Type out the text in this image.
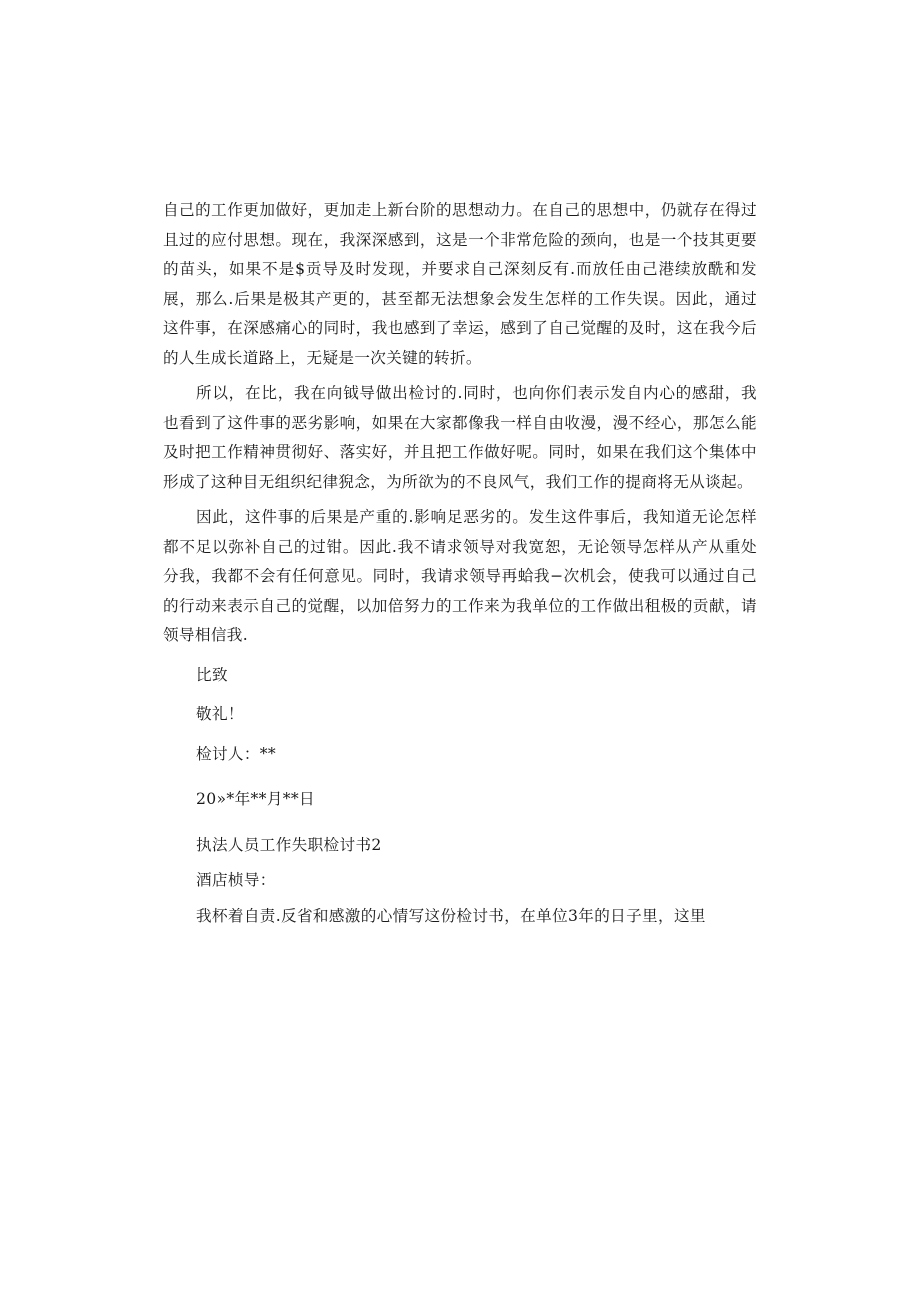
自己的工作更加做好，更加走上新台阶的思想动力。在自己的思想中，仍就存在得过且过的应付思想。现在，我深深感到，这是一个非常危险的颈向，也是一个技其更要的苗头，如果不是$贡导及时发现，并要求自己深刻反有.而放任由己港续放酰和发展，那么.后果是极其产更的，甚至都无法想象会发生怎样的工作失误。因此，通过这件事，在深感痛心的同时，我也感到了幸运，感到了自己觉醒的及时，这在我今后的人生成长道路上，无疑是一次关键的转折。

所以，在比，我在向钺导做出检讨的.同时，也向你们表示发自内心的感甜，我也看到了这件事的恶劣影响，如果在大家都像我一样自由收漫，漫不经心，那怎么能及时把工作精神贯彻好、落实好，并且把工作做好呢。同时，如果在我们这个集体中形成了这种目无组织纪律猊念，为所欲为的不良风气，我们工作的提商将无从谈起。

因此，这件事的后果是产重的.影响足恶劣的。发生这件事后，我知道无论怎样都不足以弥补自己的过钳。因此.我不请求领导对我宽恕，无论领导怎样从产从重处分我，我都不会有任何意见。同时，我请求领导再蛤我−次机会，使我可以通过自己的行动来表示自己的觉醒，以加倍努力的工作来为我单位的工作做出租极的贡献，请领导相信我.

比致

敬礼！

检讨人：**

20»*年**月**日

执法人员工作失职检讨书2

酒店桢导：

我杯着自责.反省和感激的心情写这份检讨书，在单位3年的日子里，这里
